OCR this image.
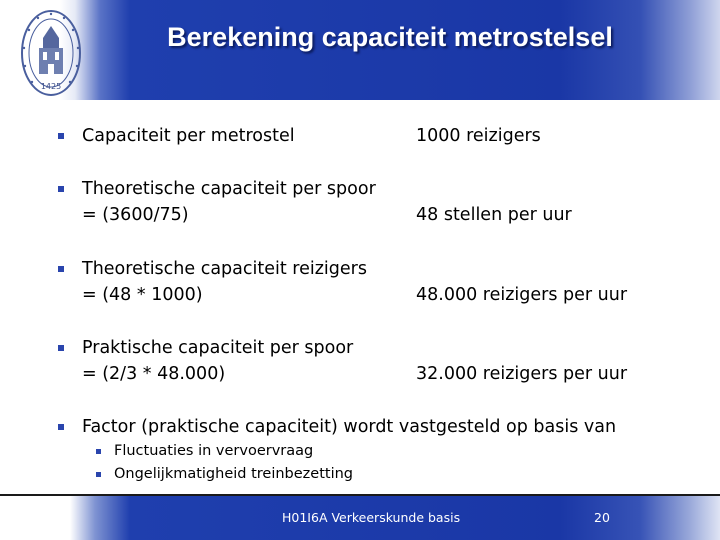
1425
Berekening capaciteit metrostelsel
Capaciteit per metrostel	1000 reizigers
Theoretische capaciteit per spoor
= (3600/75)	48 stellen per uur
Theoretische capaciteit reizigers
= (48 * 1000)	48.000 reizigers per uur
Praktische capaciteit per spoor
= (2/3 * 48.000)	32.000 reizigers per uur
Factor (praktische capaciteit) wordt vastgesteld op basis van
Fluctuaties in vervoervraag
Ongelijkmatigheid treinbezetting
H01I6A Verkeerskunde basis	20
